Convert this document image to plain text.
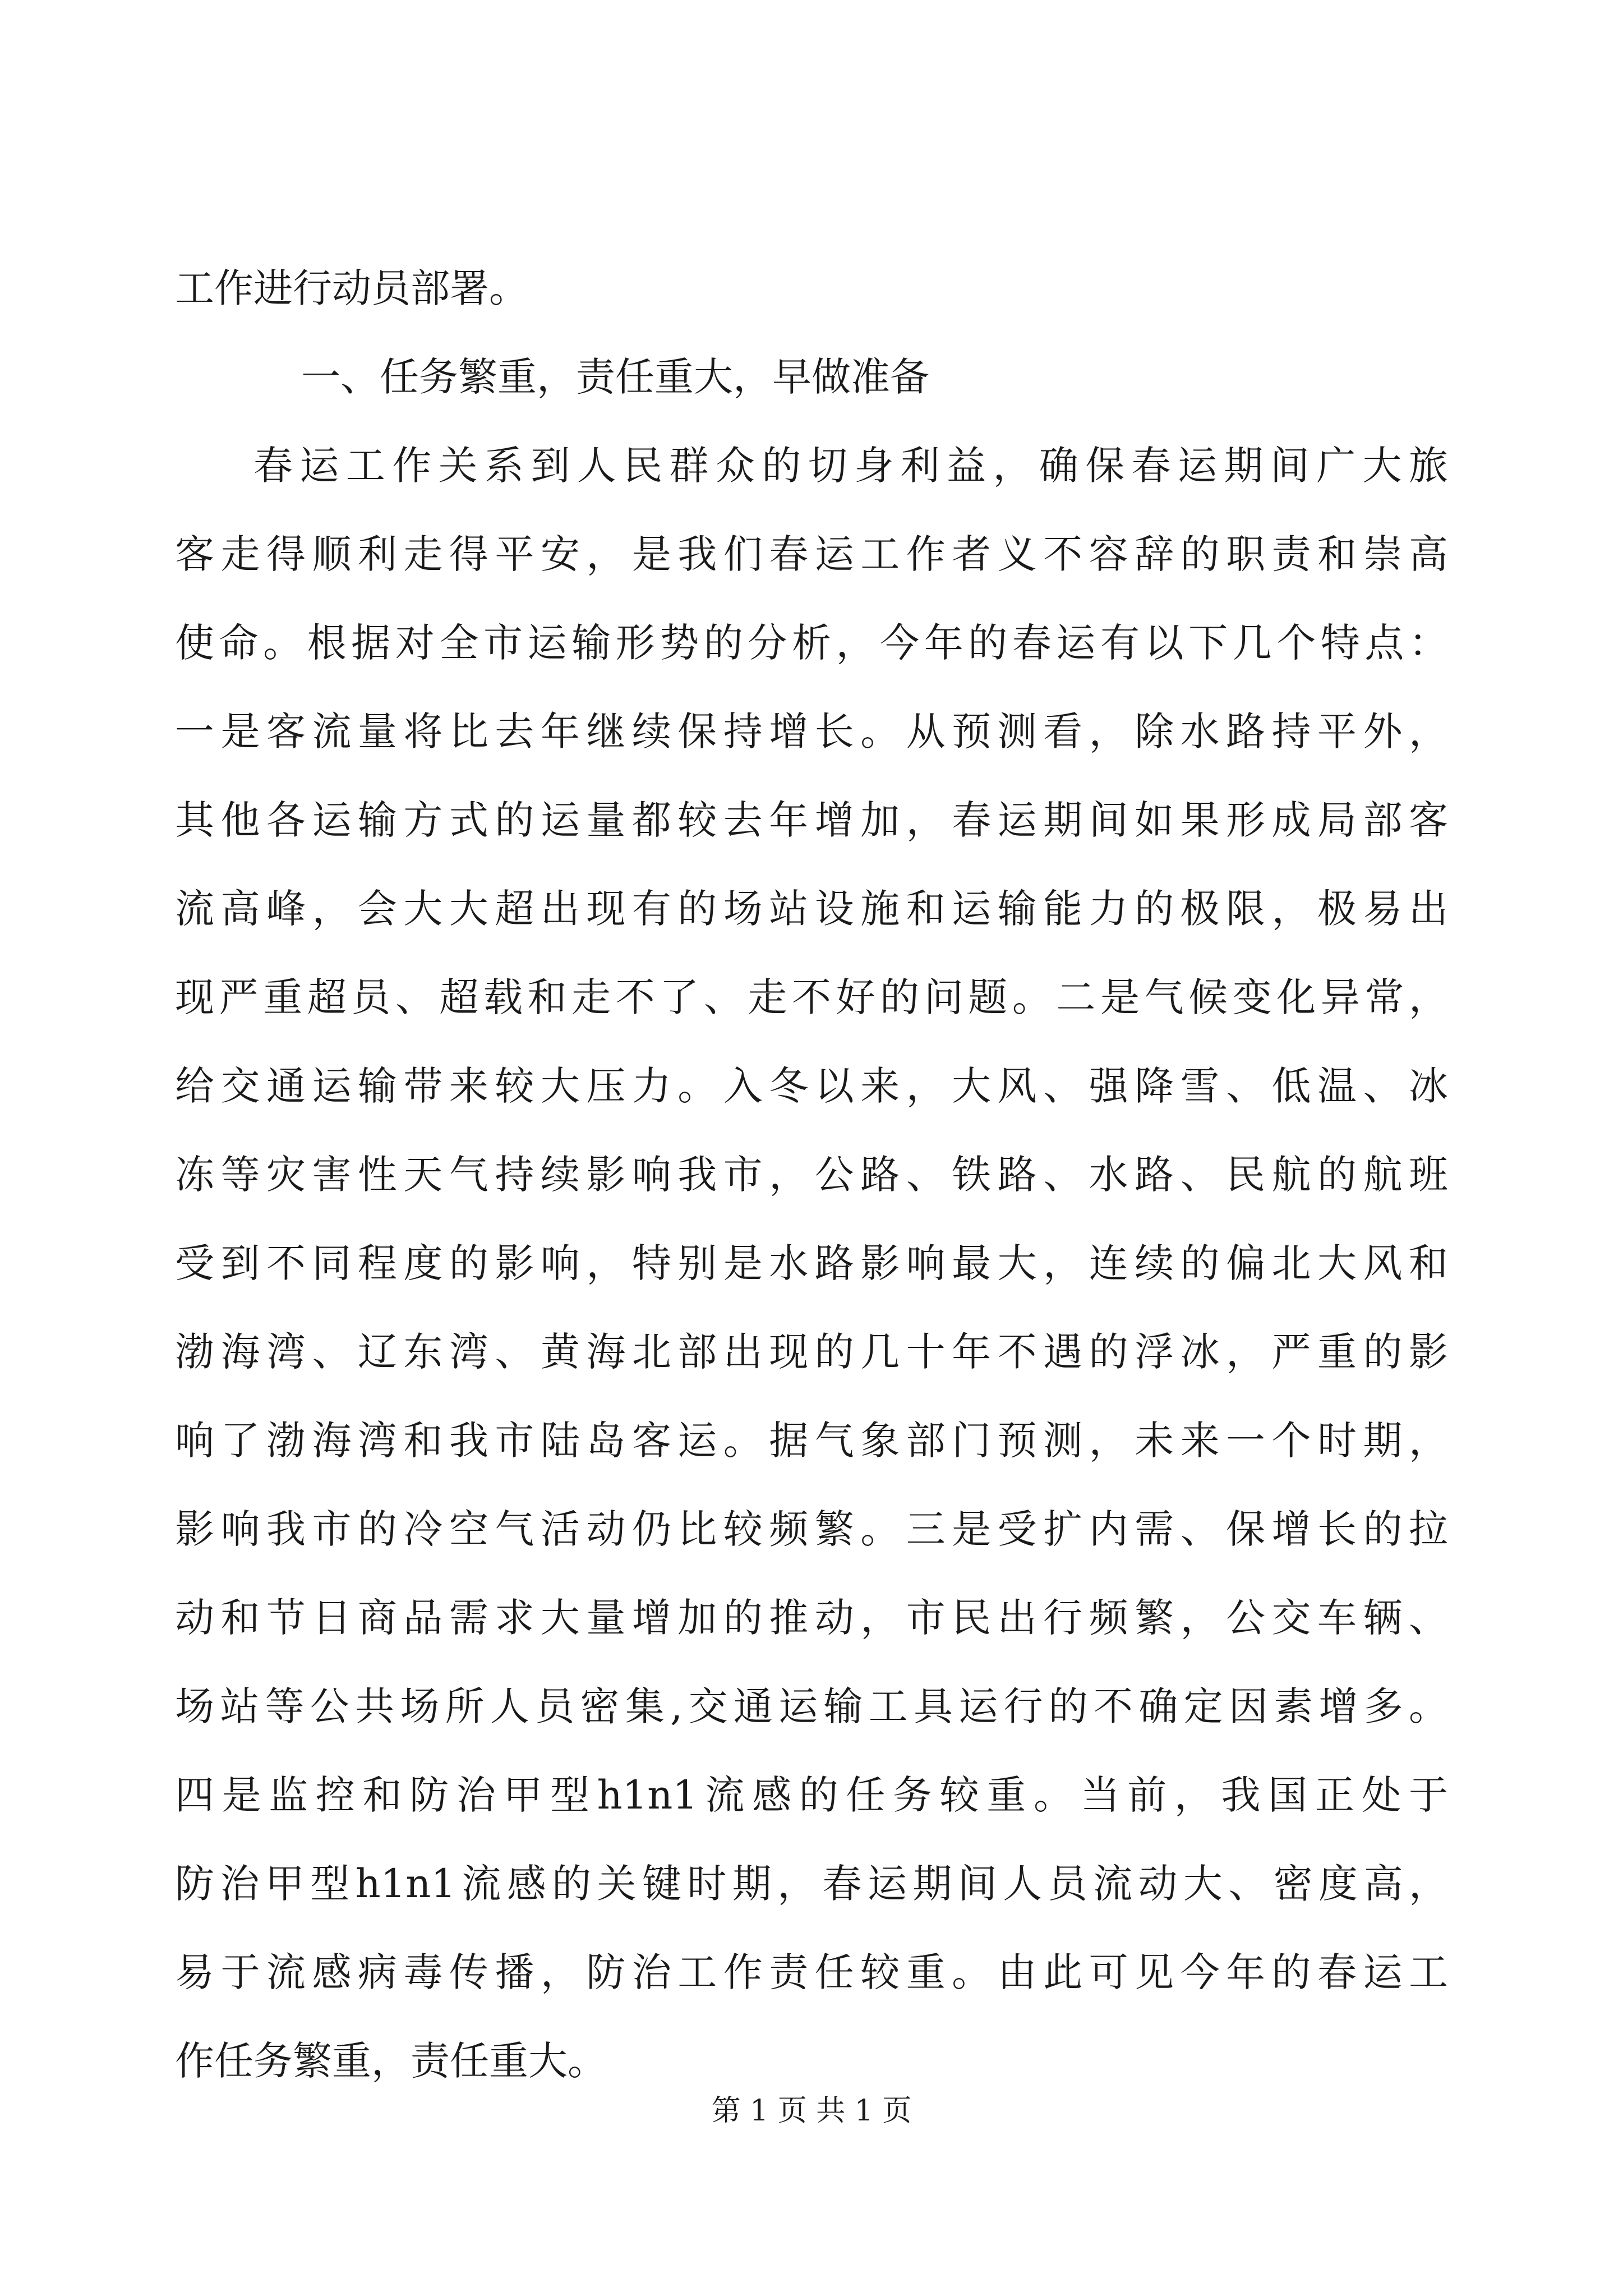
工作进行动员部署。
一、任务繁重，责任重大，早做准备
春运工作关系到人民群众的切身利益，确保春运期间广大旅
客走得顺利走得平安，是我们春运工作者义不容辞的职责和崇高
使命。根据对全市运输形势的分析，今年的春运有以下几个特点：
一是客流量将比去年继续保持增长。从预测看，除水路持平外，
其他各运输方式的运量都较去年增加，春运期间如果形成局部客
流高峰，会大大超出现有的场站设施和运输能力的极限，极易出
现严重超员、超载和走不了、走不好的问题。二是气候变化异常，
给交通运输带来较大压力。入冬以来，大风、强降雪、低温、冰
冻等灾害性天气持续影响我市，公路、铁路、水路、民航的航班
受到不同程度的影响，特别是水路影响最大，连续的偏北大风和
渤海湾、辽东湾、黄海北部出现的几十年不遇的浮冰，严重的影
响了渤海湾和我市陆岛客运。据气象部门预测，未来一个时期，
影响我市的冷空气活动仍比较频繁。三是受扩内需、保增长的拉
动和节日商品需求大量增加的推动，市民出行频繁，公交车辆、
场站等公共场所人员密集,交通运输工具运行的不确定因素增多。
四是监控和防治甲型h1n1流感的任务较重。当前，我国正处于
防治甲型h1n1流感的关键时期，春运期间人员流动大、密度高，
易于流感病毒传播，防治工作责任较重。由此可见今年的春运工
作任务繁重，责任重大。
第 1 页 共 1 页
